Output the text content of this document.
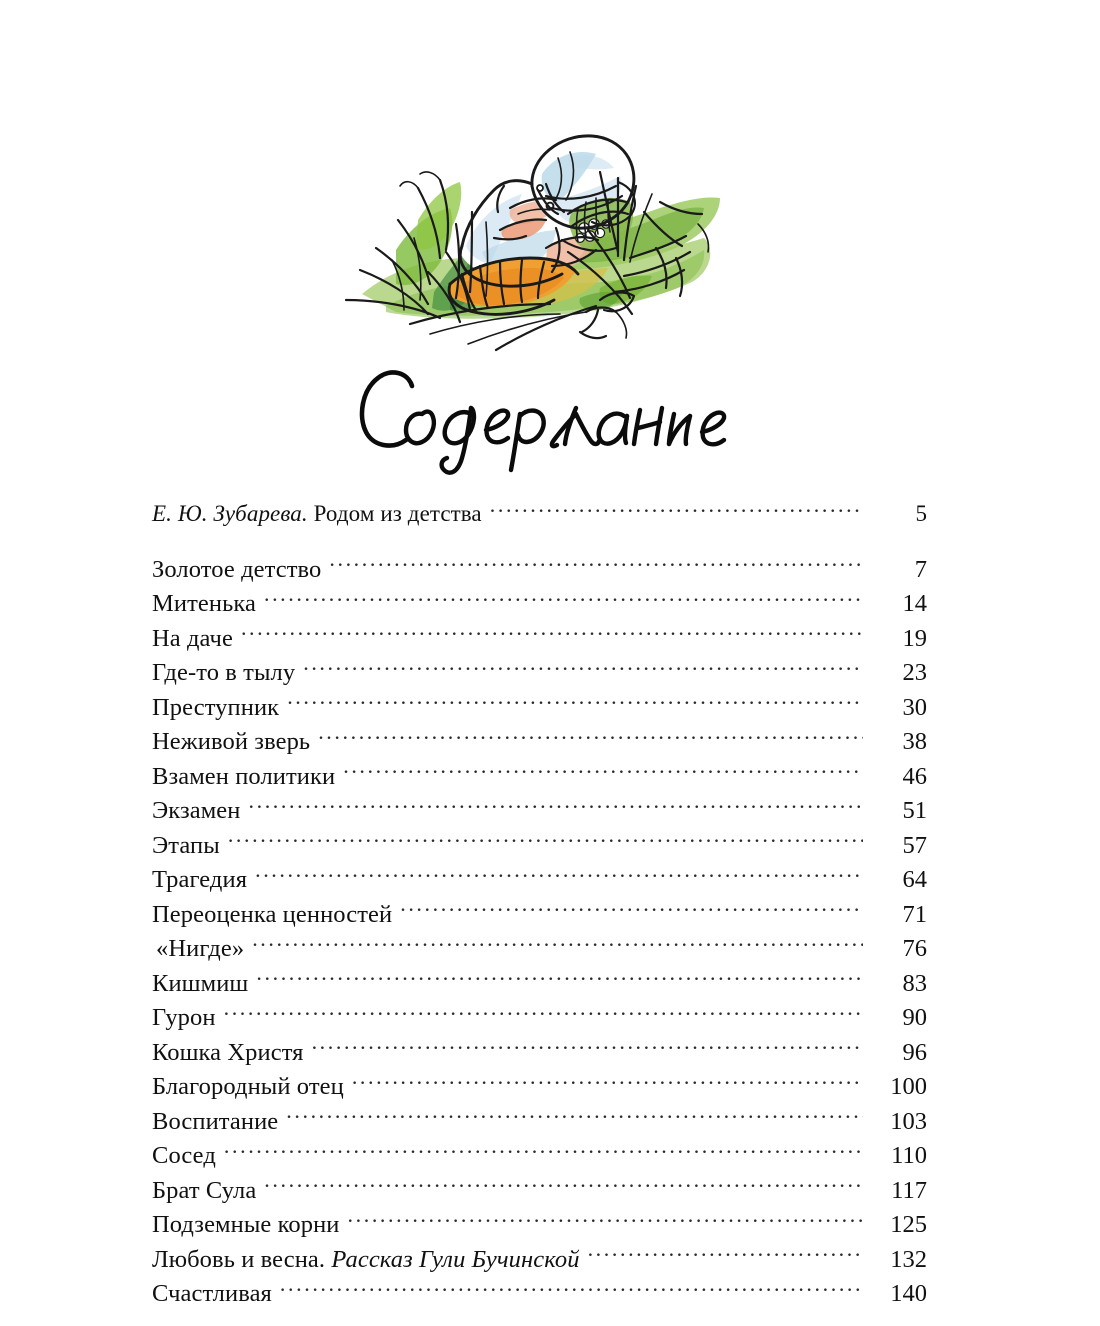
Е. Ю. Зубарева. Родом из детства .....	5
Золотое детство .....	7
Митенька .....	14
На даче .....	19
Где-то в тылу .....	23
Преступник .....	30
Неживой зверь .....	38
Взамен политики .....	46
Экзамен .....	51
Этапы .....	57
Трагедия .....	64
Переоценка ценностей .....	71
«Нигде» .....	76
Кишмиш .....	83
Гурон .....	90
Кошка Христя .....	96
Благородный отец .....	100
Воспитание .....	103
Сосед .....	110
Брат Сула .....	117
Подземные корни .....	125
Любовь и весна. Рассказ Гули Бучинской .....	132
Счастливая .....	140
